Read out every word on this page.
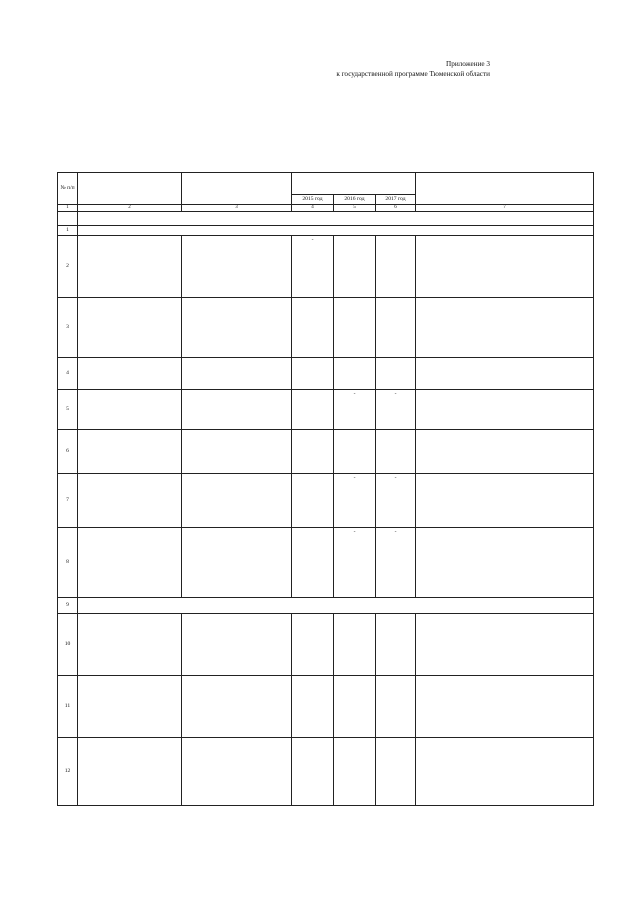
Приложение 3
к государственной программе Тюменской области
№ п/п						
			2015 год	2016 год	2017 год	
1	2	3	4	5	6	7

1						
2			-			
3						
4						
5				-	-	
6						
7				-	-	
8				-	-	
9						
10						
11						
12						
